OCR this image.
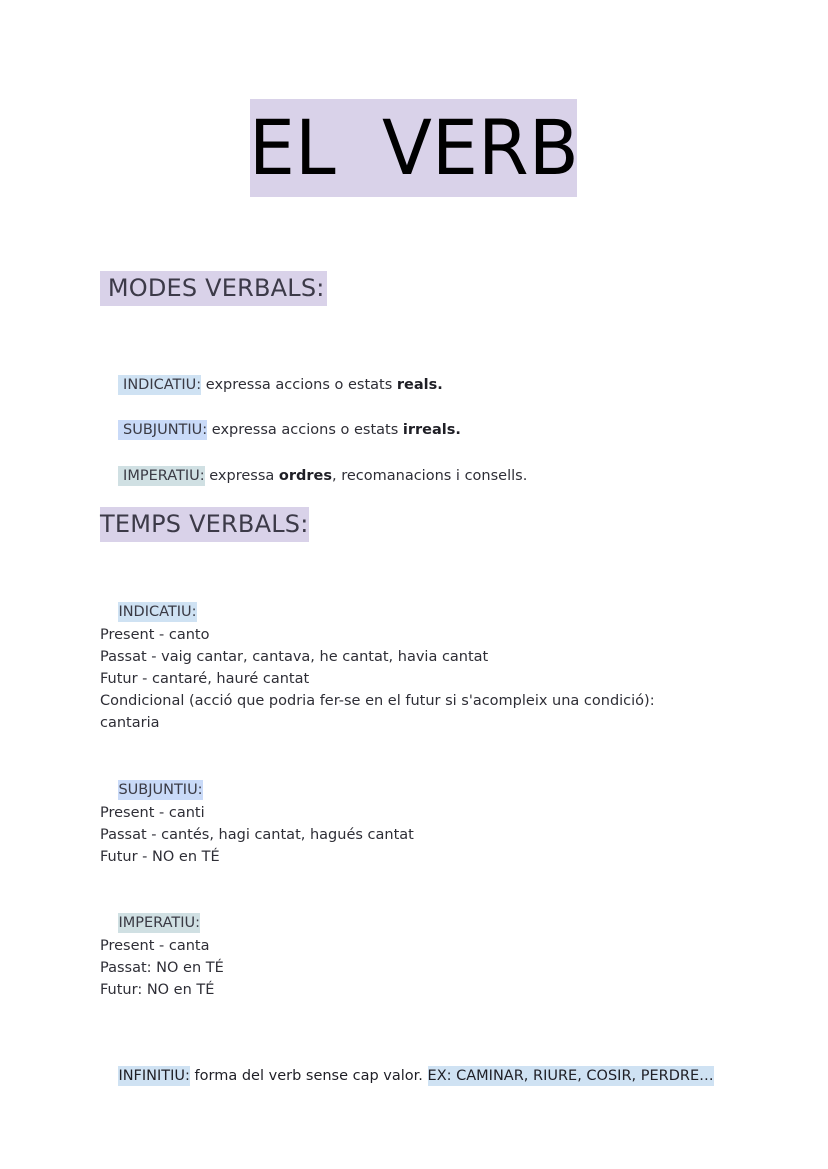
EL  VERB
MODES VERBALS:

INDICATIU: expressa accions o estats reals.

SUBJUNTIU: expressa accions o estats irreals.

IMPERATIU: expressa ordres, recomanacions i consells.

TEMPS VERBALS:

INDICATIU:

Present - canto
Passat - vaig cantar, cantava, he cantat, havia cantat
Futur - cantaré, hauré cantat
Condicional (acció que podria fer-se en el futur si s'acompleix una condició):
cantaria

SUBJUNTIU:

Present - canti
Passat - cantés, hagi cantat, hagués cantat
Futur - NO en TÉ

IMPERATIU:

Present - canta
Passat: NO en TÉ
Futur: NO en TÉ

INFINITIU: forma del verb sense cap valor. EX: CAMINAR, RIURE, COSIR, PERDRE…
